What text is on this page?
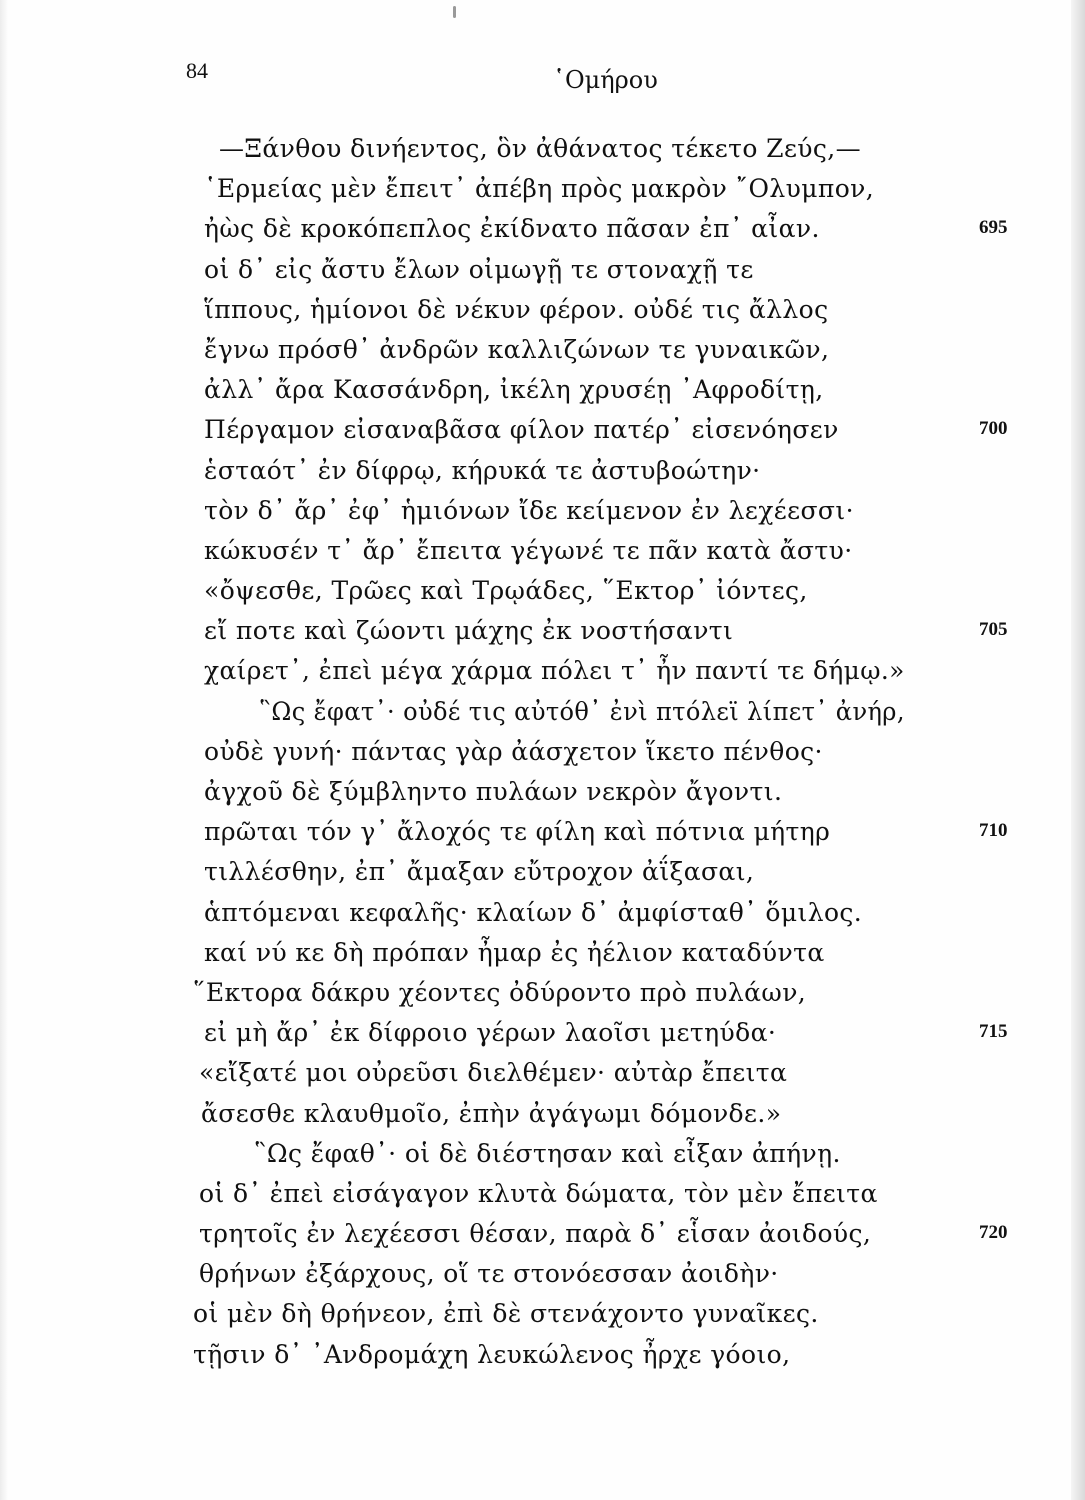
84	῾Ομήρου
—Ξάνθου δινήεντος, ὃν ἀθάνατος τέκετο Ζεύς,—
῾Ερμείας μὲν ἔπειτ᾽ ἀπέβη πρὸς μακρὸν ῎Ολυμπον,
ἠὼς δὲ κροκόπεπλος ἐκίδνατο πᾶσαν ἐπ᾽ αἶαν.	695
οἱ δ᾽ εἰς ἄστυ ἔλων οἰμωγῇ τε στοναχῇ τε
ἵππους, ἡμίονοι δὲ νέκυν φέρον. οὐδέ τις ἄλλος
ἔγνω πρόσθ᾽ ἀνδρῶν καλλιζώνων τε γυναικῶν,
ἀλλ᾽ ἄρα Κασσάνδρη, ἰκέλη χρυσέῃ ᾽Αφροδίτῃ,
Πέργαμον εἰσαναβᾶσα φίλον πατέρ᾽ εἰσενόησεν	700
ἑσταότ᾽ ἐν δίφρῳ, κήρυκά τε ἀστυβοώτην·
τὸν δ᾽ ἄρ᾽ ἐφ᾽ ἡμιόνων ἴδε κείμενον ἐν λεχέεσσι·
κώκυσέν τ᾽ ἄρ᾽ ἔπειτα γέγωνέ τε πᾶν κατὰ ἄστυ·
«ὄψεσθε, Τρῶες καὶ Τρῳάδες, ῞Εκτορ᾽ ἰόντες,
εἴ ποτε καὶ ζώοντι μάχης ἐκ νοστήσαντι	705
χαίρετ᾽, ἐπεὶ μέγα χάρμα πόλει τ᾽ ἦν παντί τε δήμῳ.»
῝Ως ἔφατ᾽· οὐδέ τις αὐτόθ᾽ ἐνὶ πτόλεϊ λίπετ᾽ ἀνήρ,
οὐδὲ γυνή· πάντας γὰρ ἀάσχετον ἵκετο πένθος·
ἀγχοῦ δὲ ξύμβληντο πυλάων νεκρὸν ἄγοντι.
πρῶται τόν γ᾽ ἄλοχός τε φίλη καὶ πότνια μήτηρ	710
τιλλέσθην, ἐπ᾽ ἄμαξαν εὔτροχον ἀΐξασαι,
ἁπτόμεναι κεφαλῆς· κλαίων δ᾽ ἀμφίσταθ᾽ ὅμιλος.
καί νύ κε δὴ πρόπαν ἦμαρ ἐς ἠέλιον καταδύντα
῞Εκτορα δάκρυ χέοντες ὀδύροντο πρὸ πυλάων,
εἰ μὴ ἄρ᾽ ἐκ δίφροιο γέρων λαοῖσι μετηύδα·	715
«εἴξατέ μοι οὐρεῦσι διελθέμεν· αὐτὰρ ἔπειτα
ἄσεσθε κλαυθμοῖο, ἐπὴν ἀγάγωμι δόμονδε.»
῝Ως ἔφαθ᾽· οἱ δὲ διέστησαν καὶ εἶξαν ἀπήνῃ.
οἱ δ᾽ ἐπεὶ εἰσάγαγον κλυτὰ δώματα, τὸν μὲν ἔπειτα
τρητοῖς ἐν λεχέεσσι θέσαν, παρὰ δ᾽ εἷσαν ἀοιδούς,	720
θρήνων ἐξάρχους, οἵ τε στονόεσσαν ἀοιδὴν·
οἱ μὲν δὴ θρήνεον, ἐπὶ δὲ στενάχοντο γυναῖκες.
τῇσιν δ᾽ ᾽Ανδρομάχη λευκώλενος ἦρχε γόοιο,
